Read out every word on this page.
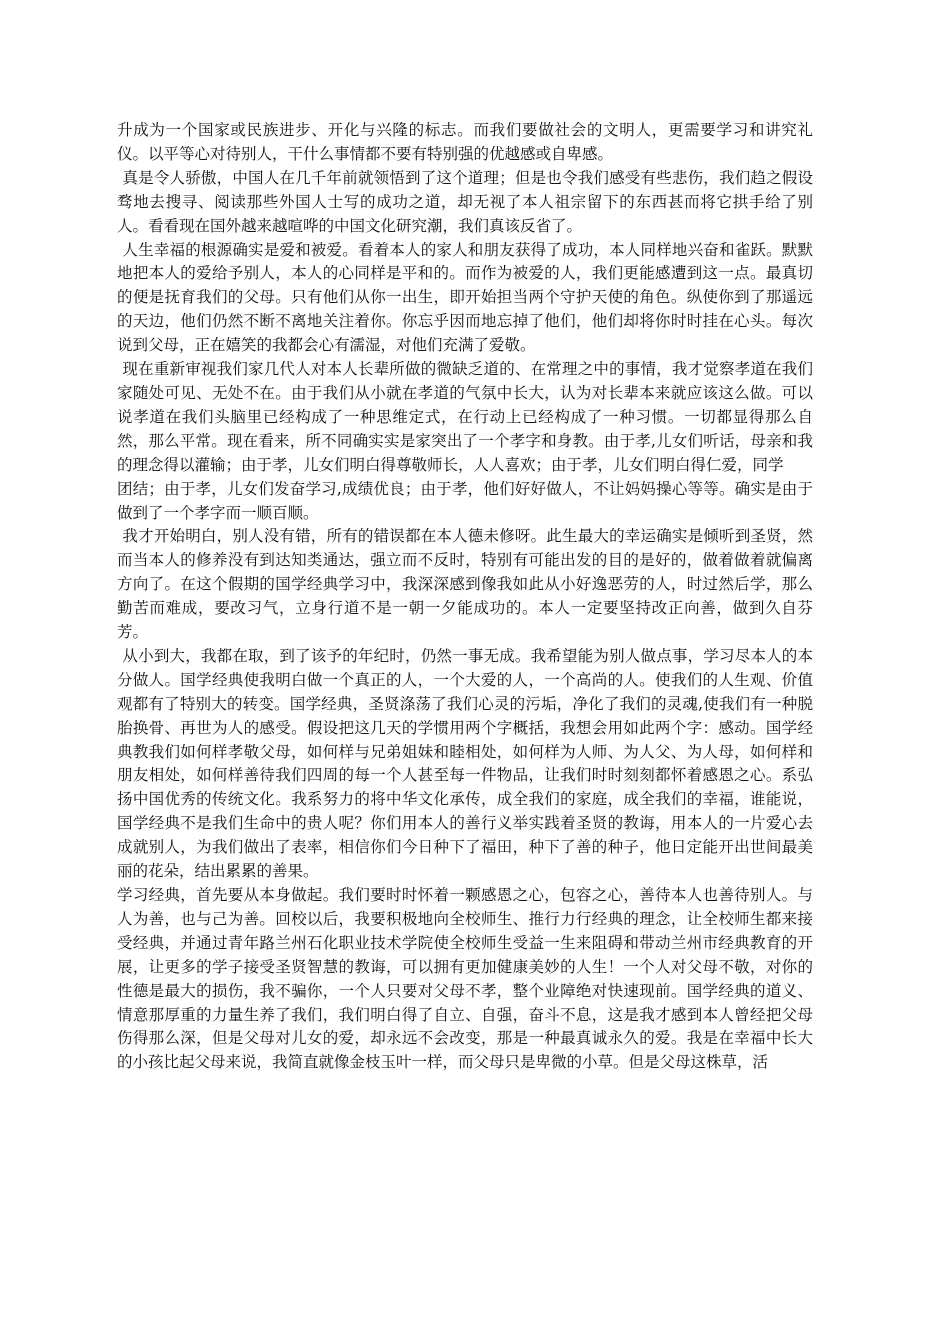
升成为一个国家或民族进步、开化与兴隆的标志。而我们要做社会的文明人，更需要学习和讲究礼仪。以平等心对待别人，干什么事情都不要有特别强的优越感或自卑感。

真是令人骄傲，中国人在几千年前就领悟到了这个道理；但是也令我们感受有些悲伤，我们趋之假设骛地去搜寻、阅读那些外国人士写的成功之道，却无视了本人祖宗留下的东西甚而将它拱手给了别人。看看现在国外越来越喧哗的中国文化研究潮，我们真该反省了。

人生幸福的根源确实是爱和被爱。看着本人的家人和朋友获得了成功，本人同样地兴奋和雀跃。默默地把本人的爱给予别人，本人的心同样是平和的。而作为被爱的人，我们更能感遭到这一点。最真切的便是抚育我们的父母。只有他们从你一出生，即开始担当两个守护天使的角色。纵使你到了那遥远的天边，他们仍然不断不离地关注着你。你忘乎因而地忘掉了他们，他们却将你时时挂在心头。每次说到父母，正在嬉笑的我都会心有濡湿，对他们充满了爱敬。

现在重新审视我们家几代人对本人长辈所做的微缺乏道的、在常理之中的事情，我才觉察孝道在我们家随处可见、无处不在。由于我们从小就在孝道的气氛中长大，认为对长辈本来就应该这么做。可以说孝道在我们头脑里已经构成了一种思维定式，在行动上已经构成了一种习惯。一切都显得那么自然，那么平常。现在看来，所不同确实实是家突出了一个孝字和身教。由于孝,儿女们听话，母亲和我的理念得以灌输；由于孝，儿女们明白得尊敬师长，人人喜欢；由于孝，儿女们明白得仁爱，同学

团结；由于孝，儿女们发奋学习,成绩优良；由于孝，他们好好做人，不让妈妈操心等等。确实是由于做到了一个孝字而一顺百顺。

我才开始明白，别人没有错，所有的错误都在本人德未修呀。此生最大的幸运确实是倾听到圣贤，然而当本人的修养没有到达知类通达，强立而不反时，特别有可能出发的目的是好的，做着做着就偏离方向了。在这个假期的国学经典学习中，我深深感到像我如此从小好逸恶劳的人，时过然后学，那么勤苦而难成，要改习气，立身行道不是一朝一夕能成功的。本人一定要坚持改正向善，做到久自芬芳。

从小到大，我都在取，到了该予的年纪时，仍然一事无成。我希望能为别人做点事，学习尽本人的本分做人。国学经典使我明白做一个真正的人，一个大爱的人，一个高尚的人。使我们的人生观、价值观都有了特别大的转变。国学经典，圣贤涤荡了我们心灵的污垢，净化了我们的灵魂,使我们有一种脱胎换骨、再世为人的感受。假设把这几天的学惯用两个字概括，我想会用如此两个字：感动。国学经典教我们如何样孝敬父母，如何样与兄弟姐妹和睦相处，如何样为人师、为人父、为人母，如何样和朋友相处，如何样善待我们四周的每一个人甚至每一件物品，让我们时时刻刻都怀着感恩之心。系弘扬中国优秀的传统文化。我系努力的将中华文化承传，成全我们的家庭，成全我们的幸福，谁能说，国学经典不是我们生命中的贵人呢？你们用本人的善行义举实践着圣贤的教诲，用本人的一片爱心去成就别人，为我们做出了表率，相信你们今日种下了福田，种下了善的种子，他日定能开出世间最美丽的花朵，结出累累的善果。

学习经典，首先要从本身做起。我们要时时怀着一颗感恩之心，包容之心，善待本人也善待别人。与人为善，也与己为善。回校以后，我要积极地向全校师生、推行力行经典的理念，让全校师生都来接受经典，并通过青年路兰州石化职业技术学院使全校师生受益一生来阻碍和带动兰州市经典教育的开展，让更多的学子接受圣贤智慧的教诲，可以拥有更加健康美妙的人生！一个人对父母不敬，对你的性德是最大的损伤，我不骗你，一个人只要对父母不孝，整个业障绝对快速现前。国学经典的道义、情意那厚重的力量生养了我们，我们明白得了自立、自强，奋斗不息，这是我才感到本人曾经把父母伤得那么深，但是父母对儿女的爱，却永远不会改变，那是一种最真诚永久的爱。我是在幸福中长大的小孩比起父母来说，我简直就像金枝玉叶一样，而父母只是卑微的小草。但是父母这株草，活
